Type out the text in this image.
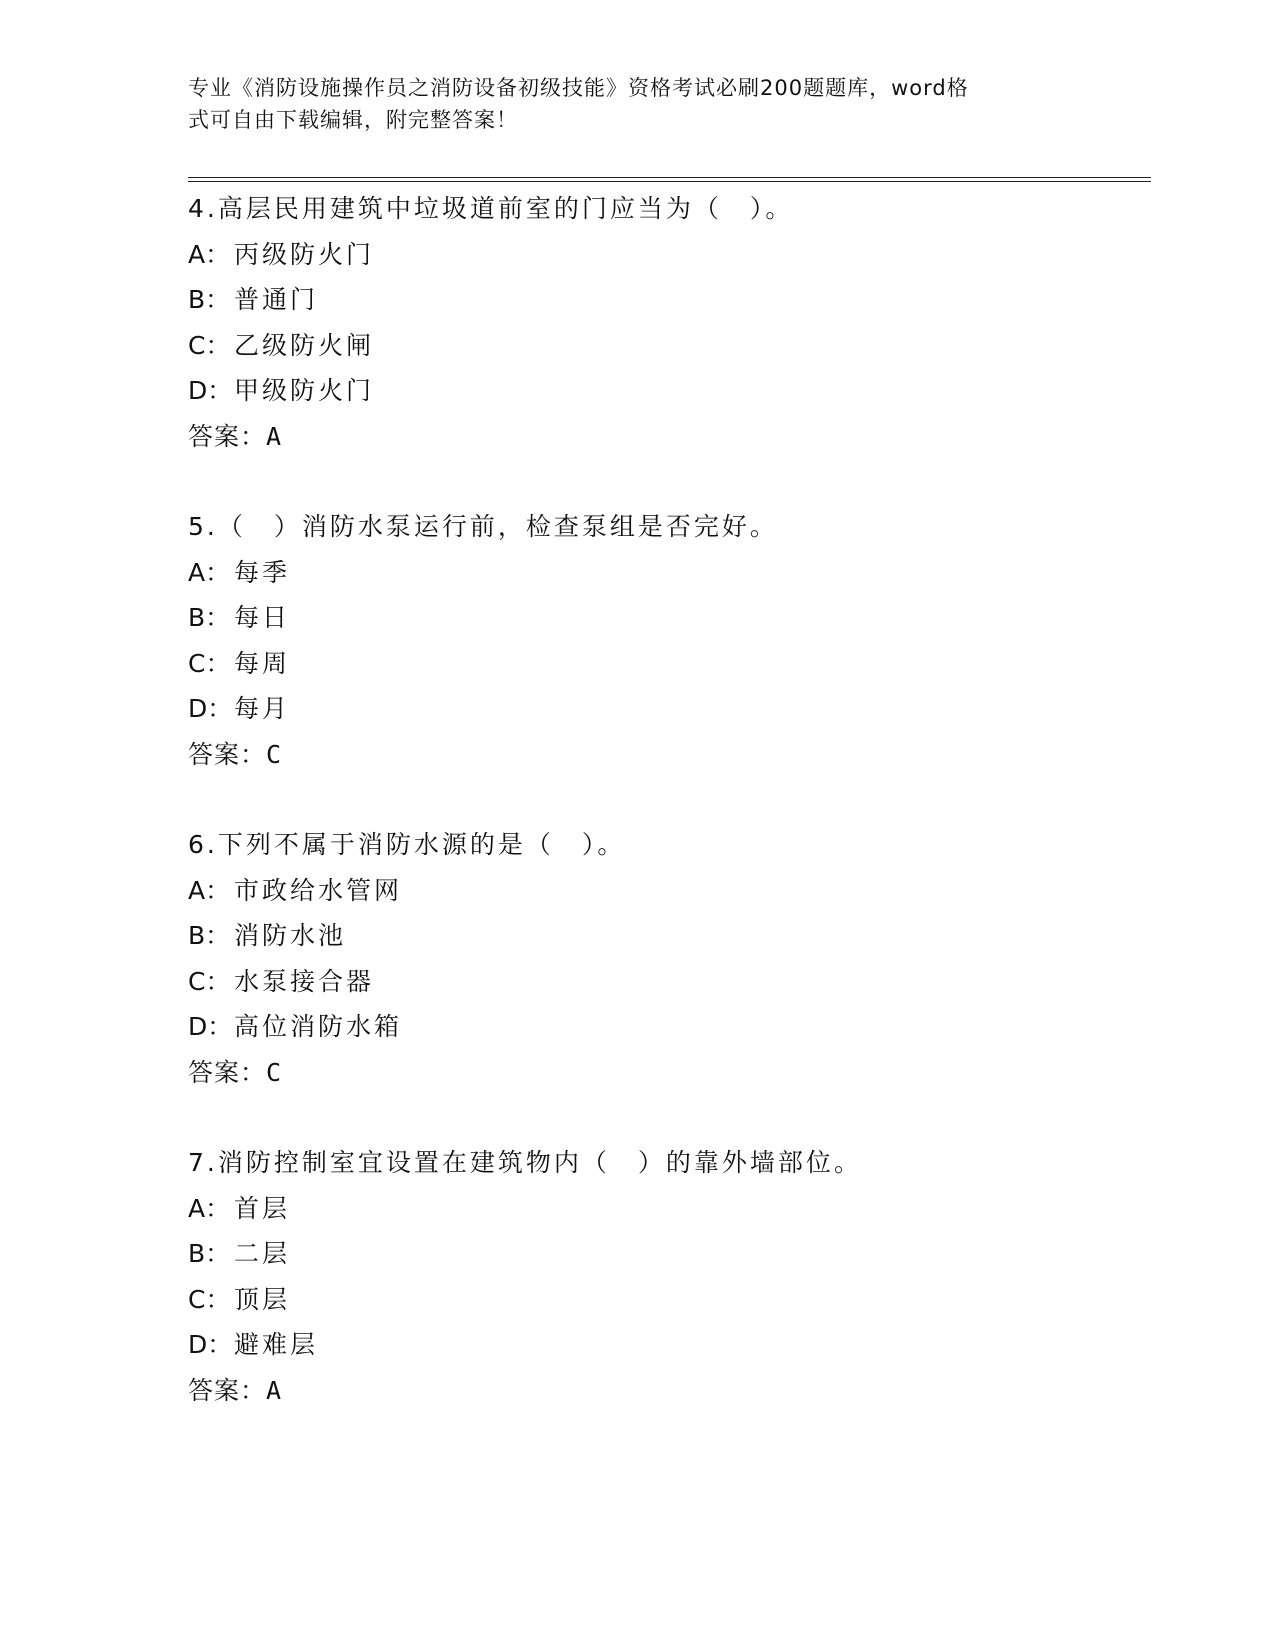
专业《消防设施操作员之消防设备初级技能》资格考试必刷200题题库，word格
式可自由下载编辑，附完整答案！
4.高层民用建筑中垃圾道前室的门应当为（　）。
A： 丙级防火门
B： 普通门
C： 乙级防火闸
D：甲级防火门
答案：A
5.（　）消防水泵运行前，检查泵组是否完好。
A： 每季
B： 每日
C： 每周
D：每月
答案：C
6.下列不属于消防水源的是（　）。
A： 市政给水管网
B： 消防水池
C： 水泵接合器
D：高位消防水箱
答案：C
7.消防控制室宜设置在建筑物内（　）的靠外墙部位。
A： 首层
B： 二层
C： 顶层
D：避难层
答案：A
